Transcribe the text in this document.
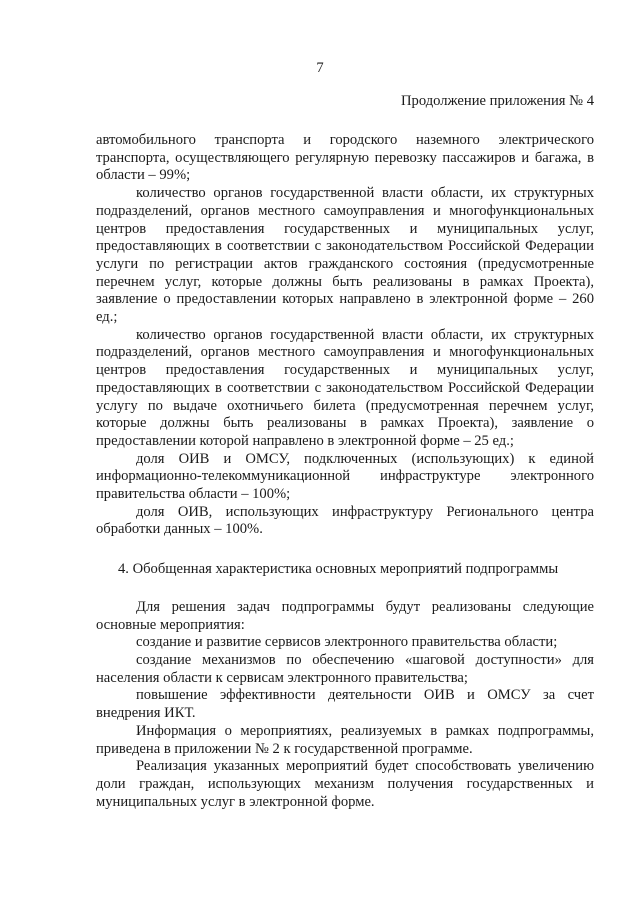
7
Продолжение приложения № 4

автомобильного транспорта и городского наземного электрического транспорта, осуществляющего регулярную перевозку пассажиров и багажа, в области – 99%;

количество органов государственной власти области, их структурных подразделений, органов местного самоуправления и многофункциональных центров предоставления государственных и муниципальных услуг, предоставляющих в соответствии с законодательством Российской Федерации услуги по регистрации актов гражданского состояния (предусмотренные перечнем услуг, которые должны быть реализованы в рамках Проекта), заявление о предоставлении которых направлено в электронной форме – 260 ед.;

количество органов государственной власти области, их структурных подразделений, органов местного самоуправления и многофункциональных центров предоставления государственных и муниципальных услуг, предоставляющих в соответствии с законодательством Российской Федерации услугу по выдаче охотничьего билета (предусмотренная перечнем услуг, которые должны быть реализованы в рамках Проекта), заявление о предоставлении которой направлено в электронной форме – 25 ед.;

доля ОИВ и ОМСУ, подключенных (использующих) к единой информационно-телекоммуникационной инфраструктуре электронного правительства области – 100%;

доля ОИВ, использующих инфраструктуру Регионального центра обработки данных – 100%.

4. Обобщенная характеристика основных мероприятий подпрограммы

Для решения задач подпрограммы будут реализованы следующие основные мероприятия:

создание и развитие сервисов электронного правительства области;

создание механизмов по обеспечению «шаговой доступности» для населения области к сервисам электронного правительства;

повышение эффективности деятельности ОИВ и ОМСУ за счет внедрения ИКТ.

Информация о мероприятиях, реализуемых в рамках подпрограммы, приведена в приложении № 2 к государственной программе.

Реализация указанных мероприятий будет способствовать увеличению доли граждан, использующих механизм получения государственных и муниципальных услуг в электронной форме.
